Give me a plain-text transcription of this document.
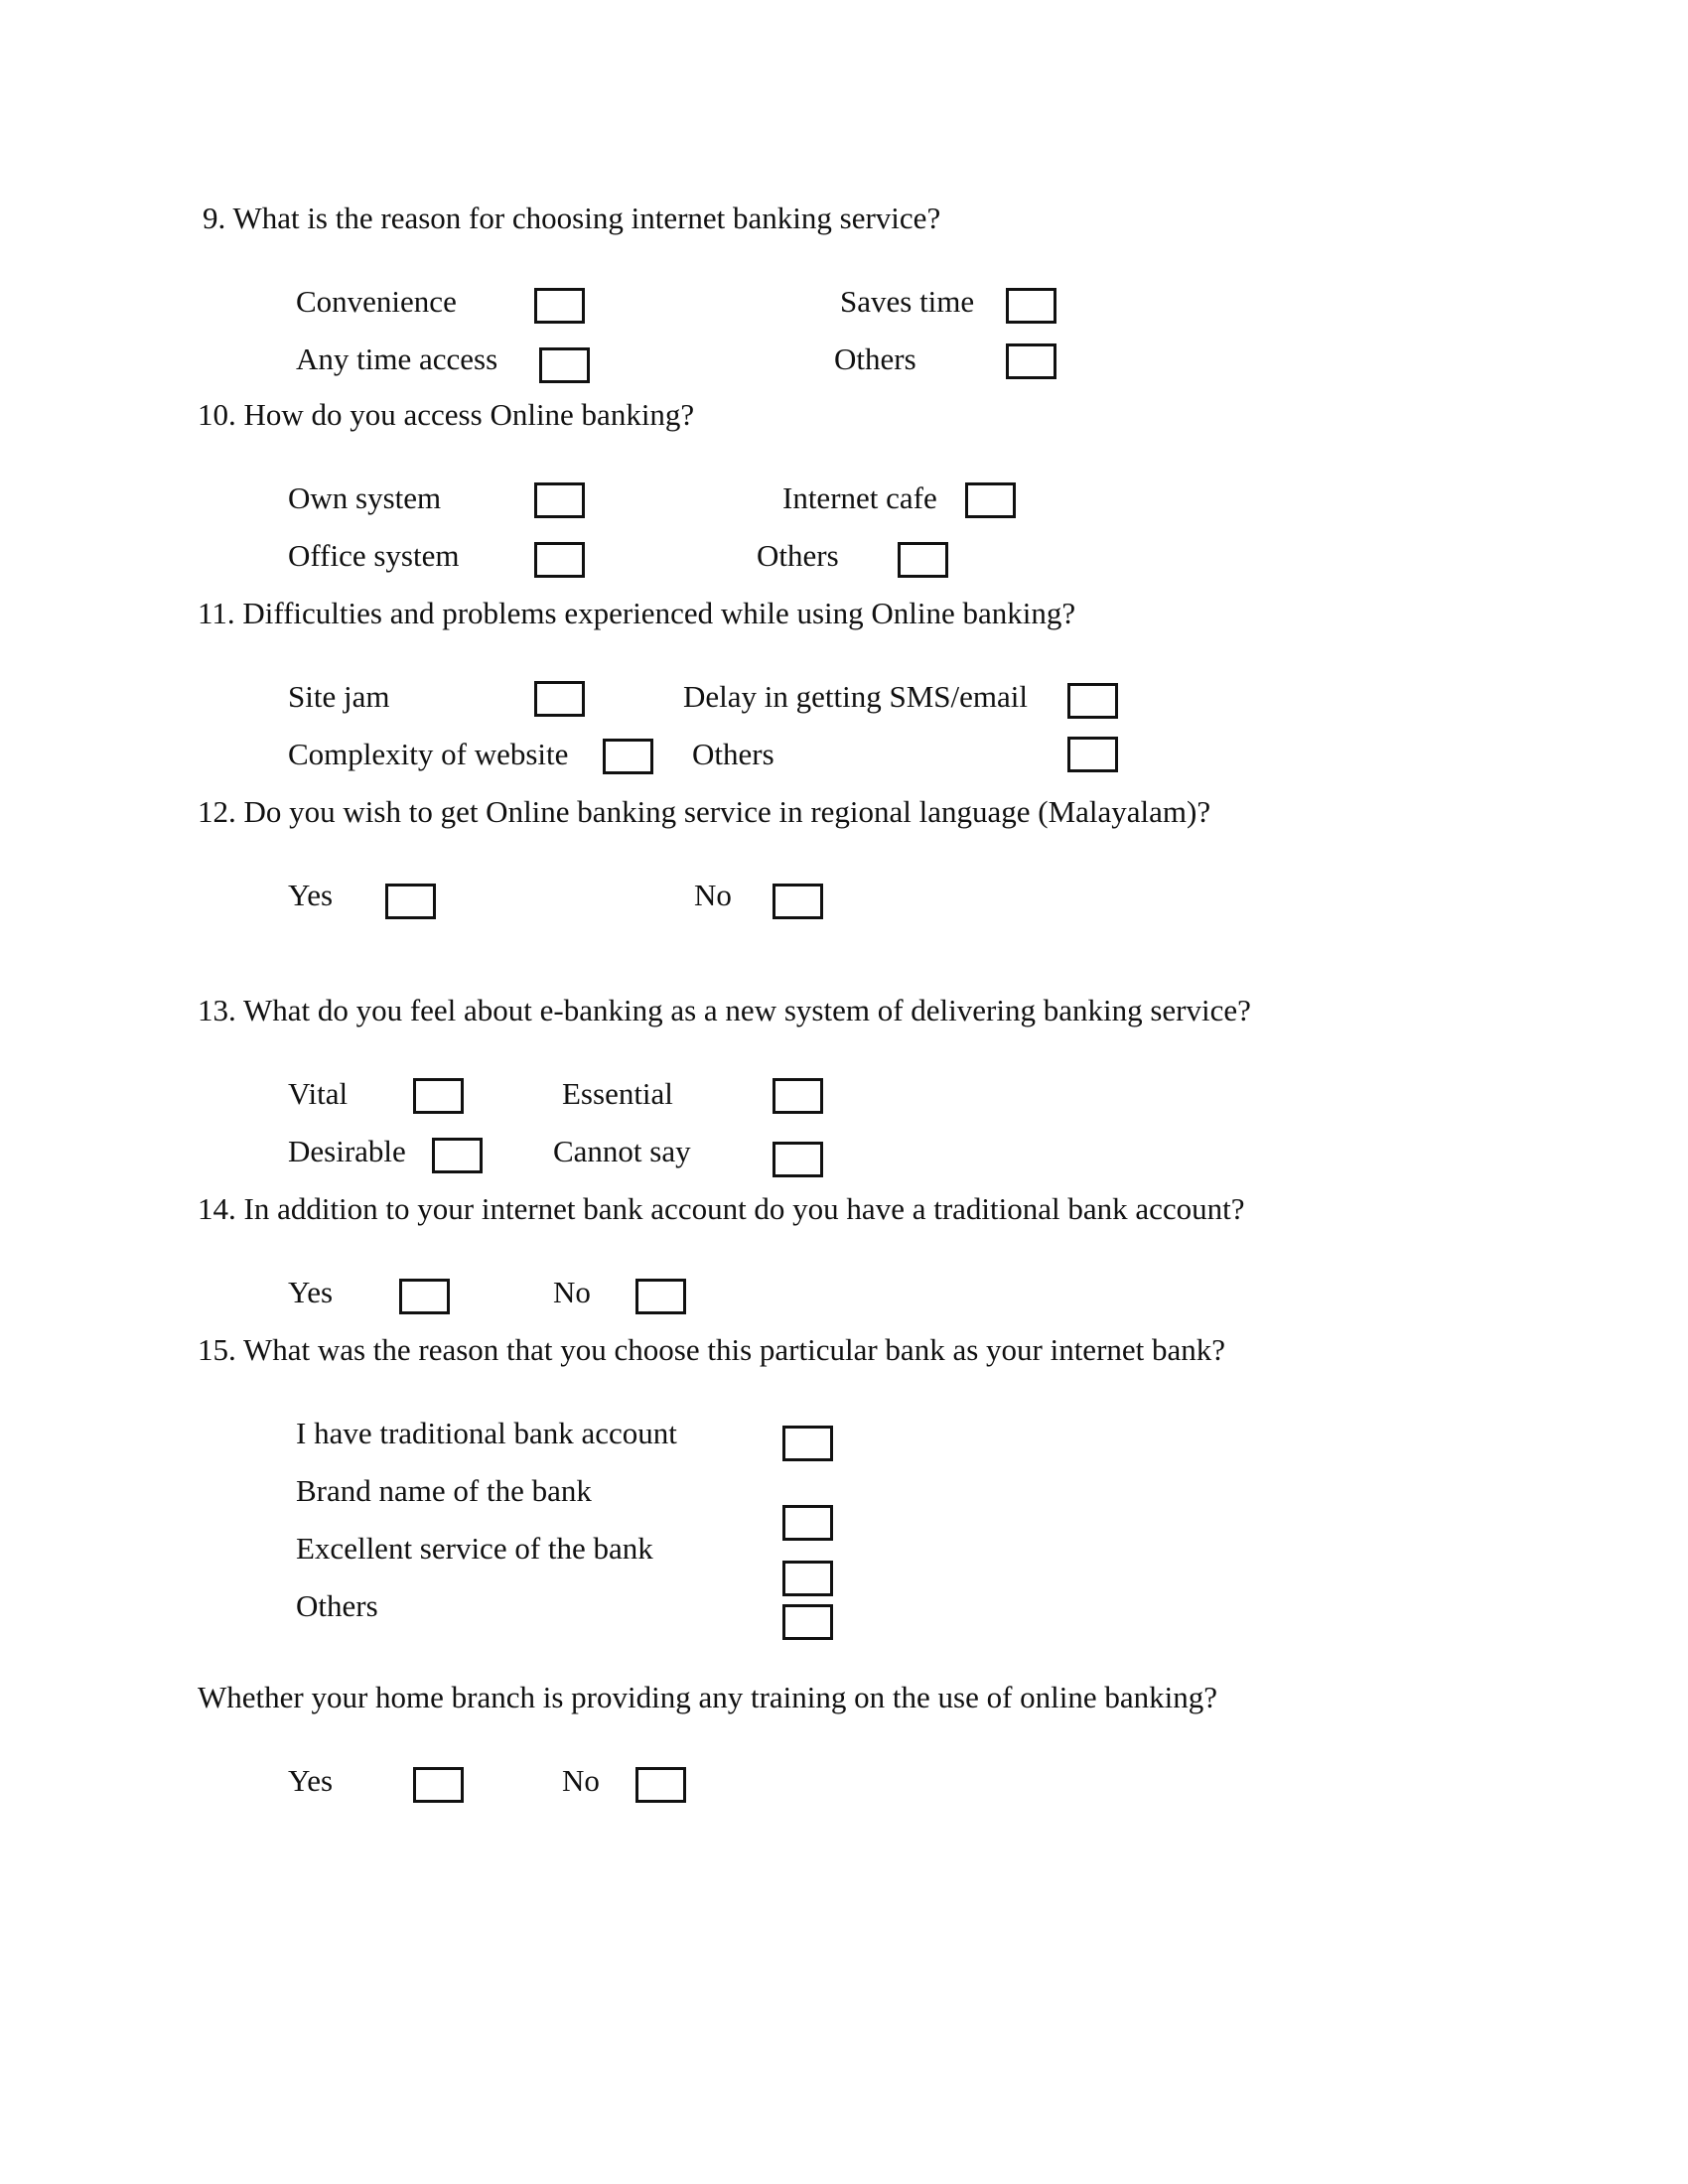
9. What is the reason for choosing internet banking service?
Convenience	Saves time
Any time access	Others
10. How do you access Online banking?
Own system	Internet cafe
Office system	Others
11. Difficulties and problems experienced while using Online banking?
Site jam	Delay in getting SMS/email
Complexity of website	Others
12. Do you wish to get Online banking service in regional language (Malayalam)?
Yes	No
13. What do you feel about e-banking as a new system of delivering banking service?
Vital	Essential
Desirable	Cannot say
14. In addition to your internet bank account do you have a traditional bank account?
Yes	No
15. What was the reason that you choose this particular bank as your internet bank?
I have traditional bank account
Brand name of the bank
Excellent service of the bank
Others
Whether your home branch is providing any training on the use of online banking?
Yes	No
